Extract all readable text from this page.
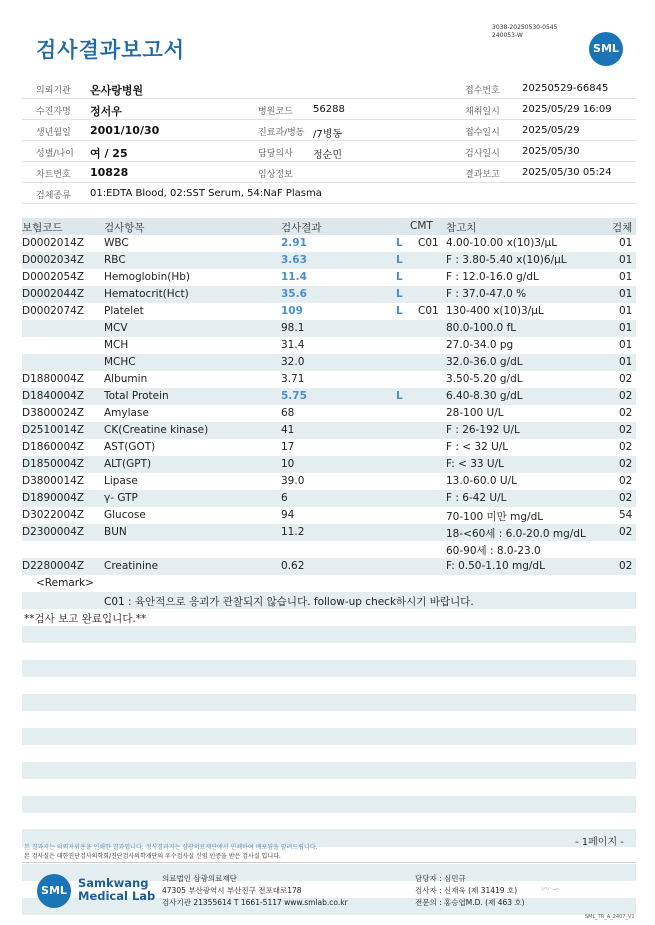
검사결과보고서
3038-20250530-0545
240053-W
SML
의뢰기관 온사랑병원	접수번호 20250529-66845
수진자명 정서우	병원코드 56288	채취일시 2025/05/29 16:09
생년월일 2001/10/30	진료과/병동 /7병동	접수일시 2025/05/29
성별/나이 여 / 25	담당의사 정순민	검사일시 2025/05/30
차트번호 10828	임상정보	결과보고 2025/05/30 05:24
검체종류 01:EDTA Blood, 02:SST Serum, 54:NaF Plasma
보험코드	검사항목	검사결과	CMT 참고치	검체
D0002014Z WBC	2.91	L C01 4.00-10.00 x(10)3/μL	01
D0002034Z RBC	3.63	L	F : 3.80-5.40 x(10)6/μL	01
D0002054Z Hemoglobin(Hb)	11.4	L	F : 12.0-16.0 g/dL	01
D0002044Z Hematocrit(Hct)	35.6	L	F : 37.0-47.0 %	01
D0002074Z Platelet	109	L C01 130-400 x(10)3/μL	01
MCV	98.1	80.0-100.0 fL	01
MCH	31.4	27.0-34.0 pg	01
MCHC	32.0	32.0-36.0 g/dL	01
D1880004Z Albumin	3.71	3.50-5.20 g/dL	02
D1840004Z Total Protein	5.75	L	6.40-8.30 g/dL	02
D3800024Z Amylase	68	28-100 U/L	02
D2510014Z CK(Creatine kinase)	41	F : 26-192 U/L	02
D1860004Z AST(GOT)	17	F : < 32 U/L	02
D1850004Z ALT(GPT)	10	F: < 33 U/L	02
D3800014Z Lipase	39.0	13.0-60.0 U/L	02
D1890004Z γ- GTP	6	F : 6-42 U/L	02
D3022004Z Glucose	94	70-100 미만 mg/dL	54
D2300004Z BUN	11.2	18-<60세 : 6.0-20.0 mg/dL	02
60-90세 : 8.0-23.0
D2280004Z Creatinine	0.62	F: 0.50-1.10 mg/dL	02
<Remark>
C01 : 육안적으로 응괴가 관찰되지 않습니다. follow-up check하시기 바랍니다.
**검사 보고 완료입니다.**
본 결과지는 의뢰자외용을 인쇄한 결과입니다. 정식결과지는 삼광의료재단에서 인쇄하여 배포됨을 알려드립니다.
본 검사실은 대한진단검사의학회/진단검사의학재단의 우수검사실 신임 인증을 받은 검사실 입니다.
- 1페이지 -
SML
Samkwang
Medical Lab
의료법인 삼광의료재단
47305 부산광역시 부산진구 전포대로178
검사기관 21355614 T 1661-5117 www.smlab.co.kr
담당자 : 심민규
검사자 : 신재욱 (제 31419 호)
전문의 : 홍승엽M.D. (제 463 호)
〰 ∽
SML_TR_A_2407_V1
